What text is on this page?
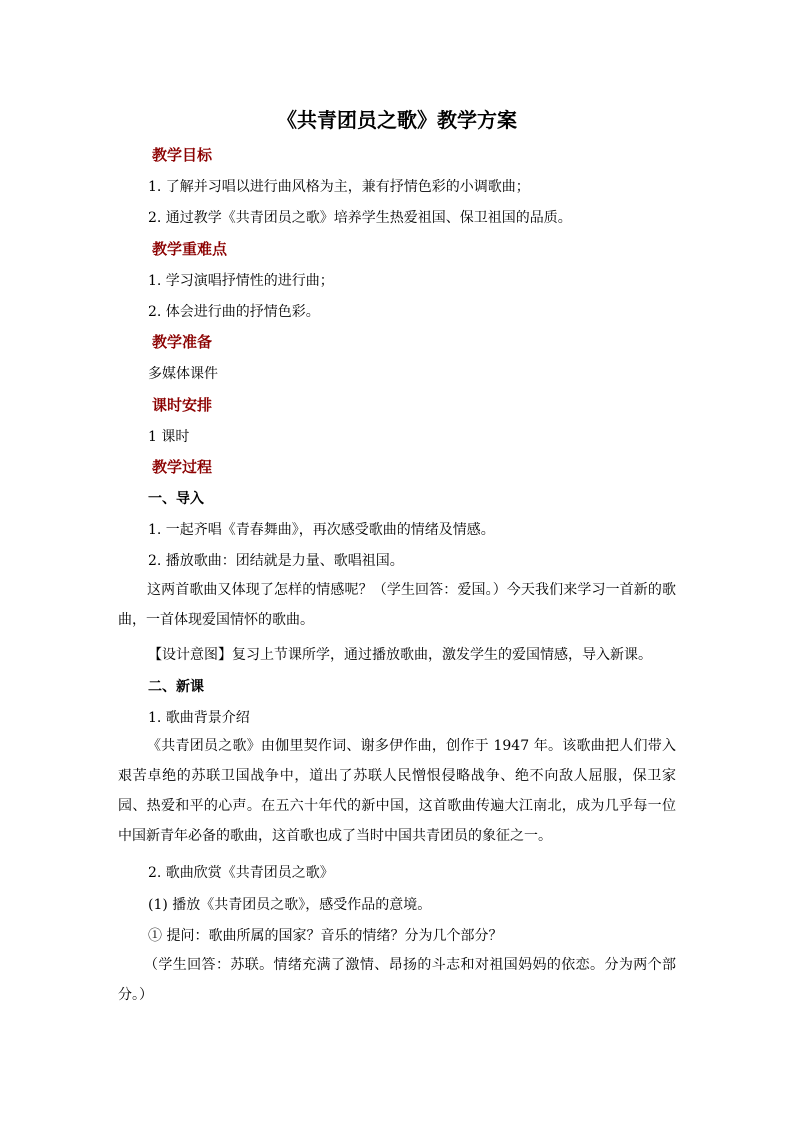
《共青团员之歌》教学方案
教学目标
1. 了解并习唱以进行曲风格为主，兼有抒情色彩的小调歌曲；
2. 通过教学《共青团员之歌》培养学生热爱祖国、保卫祖国的品质。
教学重难点
1. 学习演唱抒情性的进行曲；
2. 体会进行曲的抒情色彩。
教学准备
多媒体课件
课时安排
1 课时
教学过程
一、导入
1. 一起齐唱《青春舞曲》，再次感受歌曲的情绪及情感。
2. 播放歌曲：团结就是力量、歌唱祖国。
这两首歌曲又体现了怎样的情感呢？（学生回答：爱国。）今天我们来学习一首新的歌曲，一首体现爱国情怀的歌曲。
【设计意图】复习上节课所学，通过播放歌曲，激发学生的爱国情感，导入新课。
二、新课
1. 歌曲背景介绍
《共青团员之歌》由伽里契作词、谢多伊作曲，创作于 1947 年。该歌曲把人们带入艰苦卓绝的苏联卫国战争中，道出了苏联人民憎恨侵略战争、绝不向敌人屈服，保卫家园、热爱和平的心声。在五六十年代的新中国，这首歌曲传遍大江南北，成为几乎每一位中国新青年必备的歌曲，这首歌也成了当时中国共青团员的象征之一。
2. 歌曲欣赏《共青团员之歌》
(1) 播放《共青团员之歌》，感受作品的意境。
① 提问：歌曲所属的国家？音乐的情绪？分为几个部分？
（学生回答：苏联。情绪充满了激情、昂扬的斗志和对祖国妈妈的依恋。分为两个部分。）
